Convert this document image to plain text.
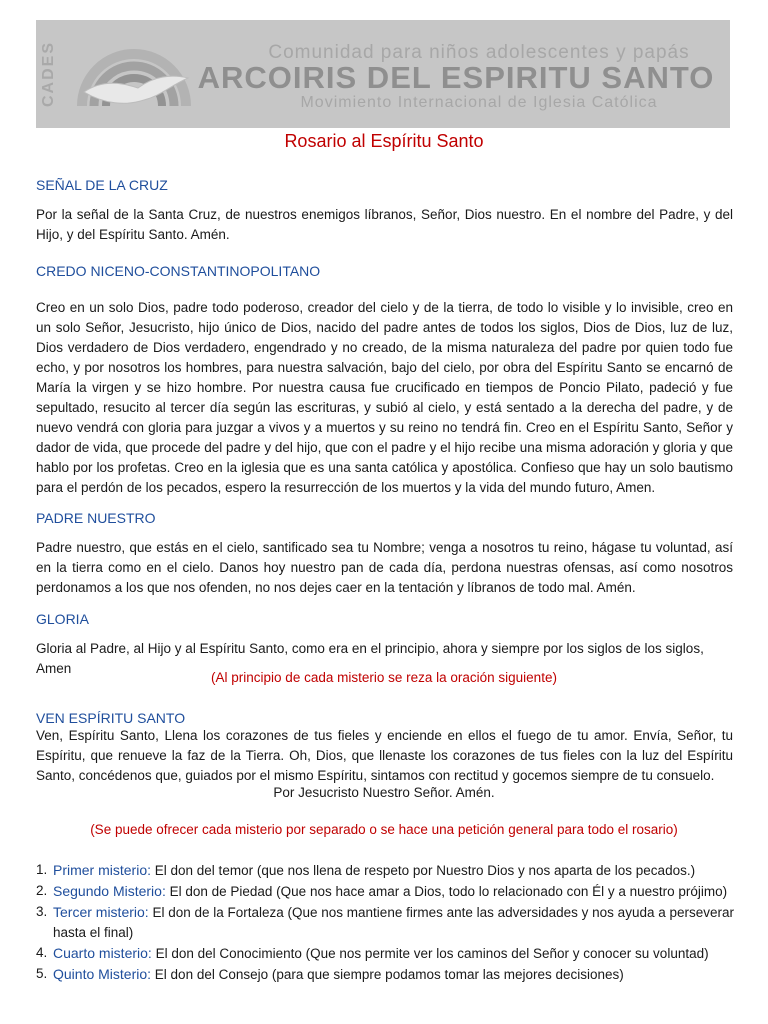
CADES	Comunidad para niños adolescentes y papás
ARCOIRIS DEL ESPIRITU SANTO
Movimiento Internacional de Iglesia Católica
Rosario al Espíritu Santo
SEÑAL DE LA CRUZ
Por la señal de la Santa Cruz, de nuestros enemigos líbranos, Señor, Dios nuestro. En el nombre del Padre, y del Hijo, y del Espíritu Santo. Amén.
CREDO NICENO-CONSTANTINOPOLITANO
Creo en un solo Dios, padre todo poderoso, creador del cielo y de la tierra, de todo lo visible y lo invisible, creo en un solo Señor, Jesucristo, hijo único de Dios, nacido del padre antes de todos los siglos, Dios de Dios, luz de luz, Dios verdadero de Dios verdadero, engendrado y no creado, de la misma naturaleza del padre por quien todo fue echo, y por nosotros los hombres, para nuestra salvación, bajo del cielo, por obra del Espíritu Santo se encarnó de María la virgen y se hizo hombre. Por nuestra causa fue crucificado en tiempos de Poncio Pilato, padeció y fue sepultado, resucito al tercer día según las escrituras, y subió al cielo, y está sentado a la derecha del padre, y de nuevo vendrá con gloria para juzgar a vivos y a muertos y su reino no tendrá fin. Creo en el Espíritu Santo, Señor y dador de vida, que procede del padre y del hijo, que con el padre y el hijo recibe una misma adoración y gloria y que hablo por los profetas. Creo en la iglesia que es una santa católica y apostólica. Confieso que hay un solo bautismo para el perdón de los pecados, espero la resurrección de los muertos y la vida del mundo futuro, Amen.
PADRE NUESTRO
Padre nuestro, que estás en el cielo, santificado sea tu Nombre; venga a nosotros tu reino, hágase tu voluntad, así en la tierra como en el cielo. Danos hoy nuestro pan de cada día, perdona nuestras ofensas, así como nosotros perdonamos a los que nos ofenden, no nos dejes caer en la tentación y líbranos de todo mal. Amén.
GLORIA
Gloria al Padre, al Hijo y al Espíritu Santo, como era en el principio, ahora y siempre por los siglos de los siglos, Amen
(Al principio de cada misterio se reza la oración siguiente)
VEN ESPÍRITU SANTO
Ven, Espíritu Santo, Llena los corazones de tus fieles y enciende en ellos el fuego de tu amor. Envía, Señor, tu Espíritu, que renueve la faz de la Tierra. Oh, Dios, que llenaste los corazones de tus fieles con la luz del Espíritu Santo, concédenos que, guiados por el mismo Espíritu, sintamos con rectitud y gocemos siempre de tu consuelo.
Por Jesucristo Nuestro Señor. Amén.
(Se puede ofrecer cada misterio por separado o se hace una petición general para todo el rosario)
1. Primer misterio: El don del temor (que nos llena de respeto por Nuestro Dios y nos aparta de los pecados.)
2. Segundo Misterio: El don de Piedad (Que nos hace amar a Dios, todo lo relacionado con Él y a nuestro prójimo)
3. Tercer misterio: El don de la Fortaleza (Que nos mantiene firmes ante las adversidades y nos ayuda a perseverar hasta el final)
4. Cuarto misterio: El don del Conocimiento (Que nos permite ver los caminos del Señor y conocer su voluntad)
5. Quinto Misterio: El don del Consejo (para que siempre podamos tomar las mejores decisiones)
